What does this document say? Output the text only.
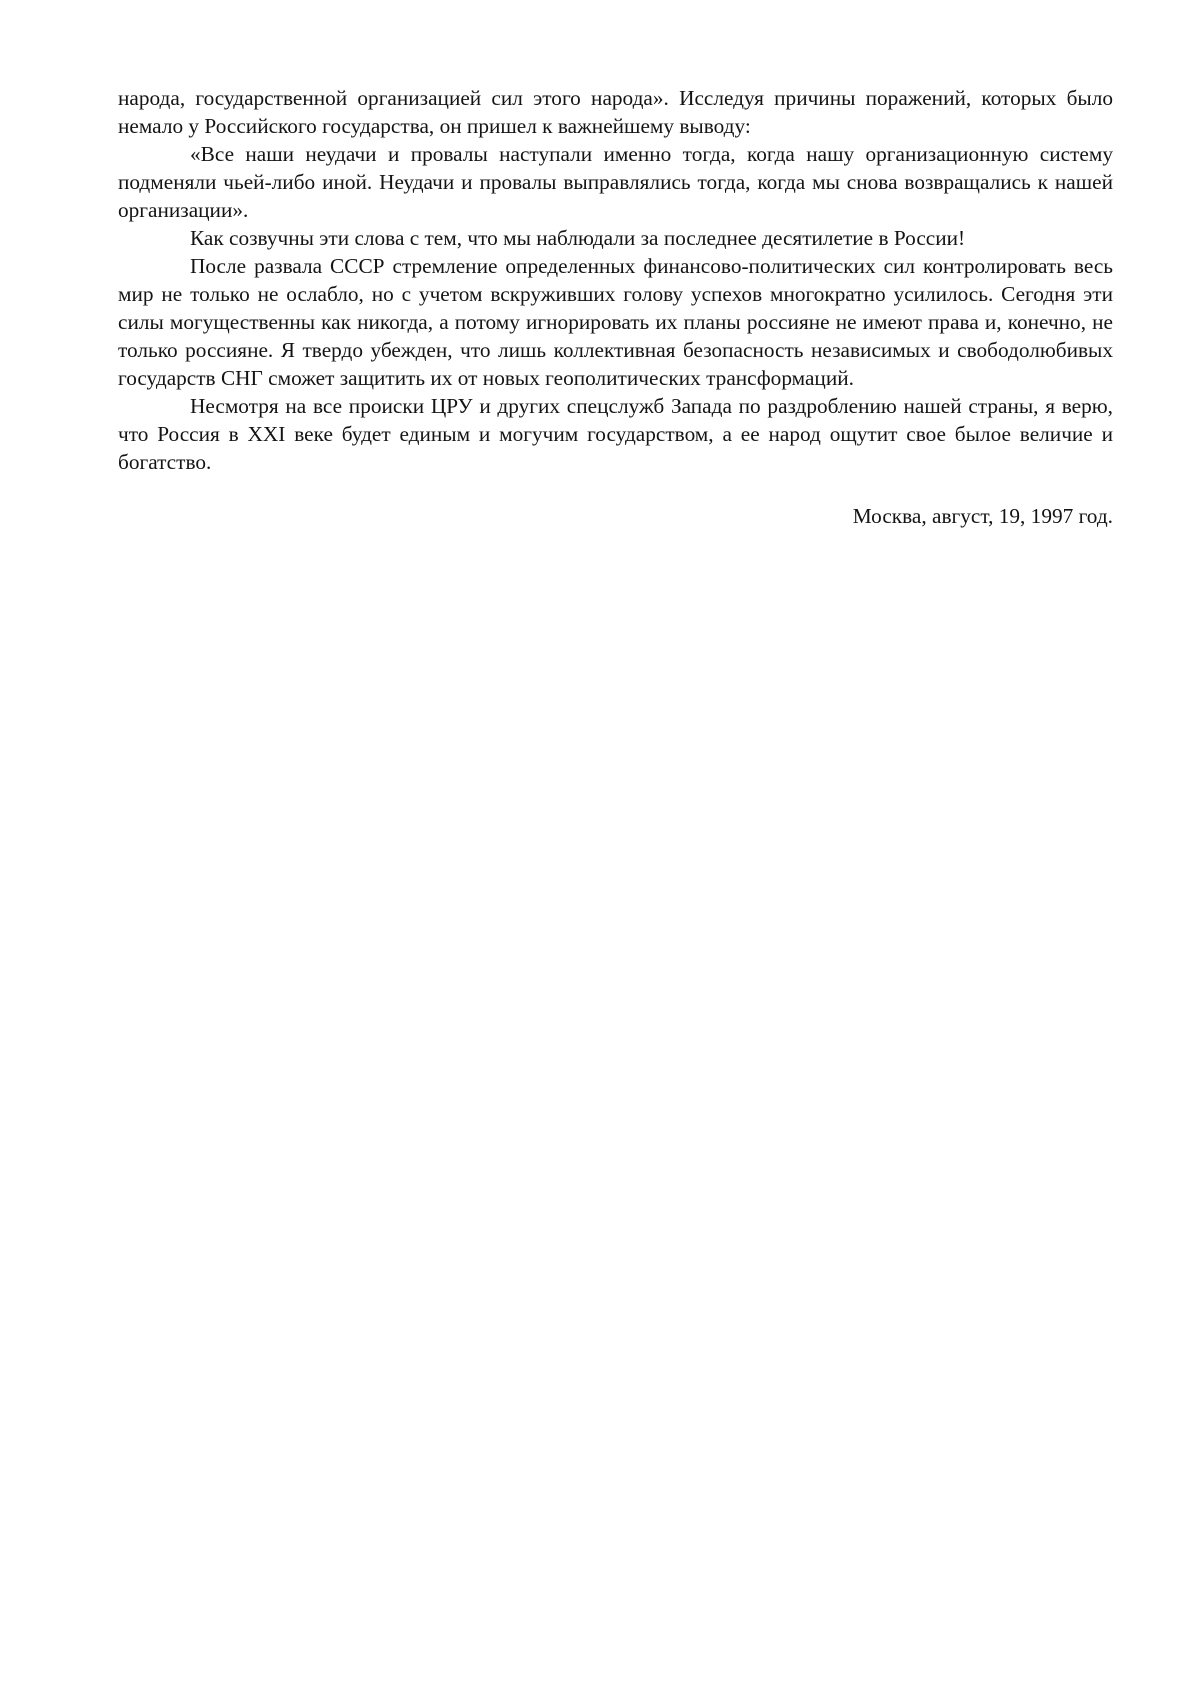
народа, государственной организацией сил этого народа». Исследуя причины поражений, которых было немало у Российского государства, он пришел к важнейшему выводу:

«Все наши неудачи и провалы наступали именно тогда, когда нашу организационную систему подменяли чьей-либо иной. Неудачи и провалы выправлялись тогда, когда мы снова возвращались к нашей организации».

Как созвучны эти слова с тем, что мы наблюдали за последнее десятилетие в России!

После развала СССР стремление определенных финансово-политических сил контролировать весь мир не только не ослабло, но с учетом вскруживших голову успехов многократно усилилось. Сегодня эти силы могущественны как никогда, а потому игнорировать их планы россияне не имеют права и, конечно, не только россияне. Я твердо убежден, что лишь коллективная безопасность независимых и свободолюбивых государств СНГ сможет защитить их от новых геополитических трансформаций.

Несмотря на все происки ЦРУ и других спецслужб Запада по раздроблению нашей страны, я верю, что Россия в XXI веке будет единым и могучим государством, а ее народ ощутит свое былое величие и богатство.

Москва, август, 19, 1997 год.
